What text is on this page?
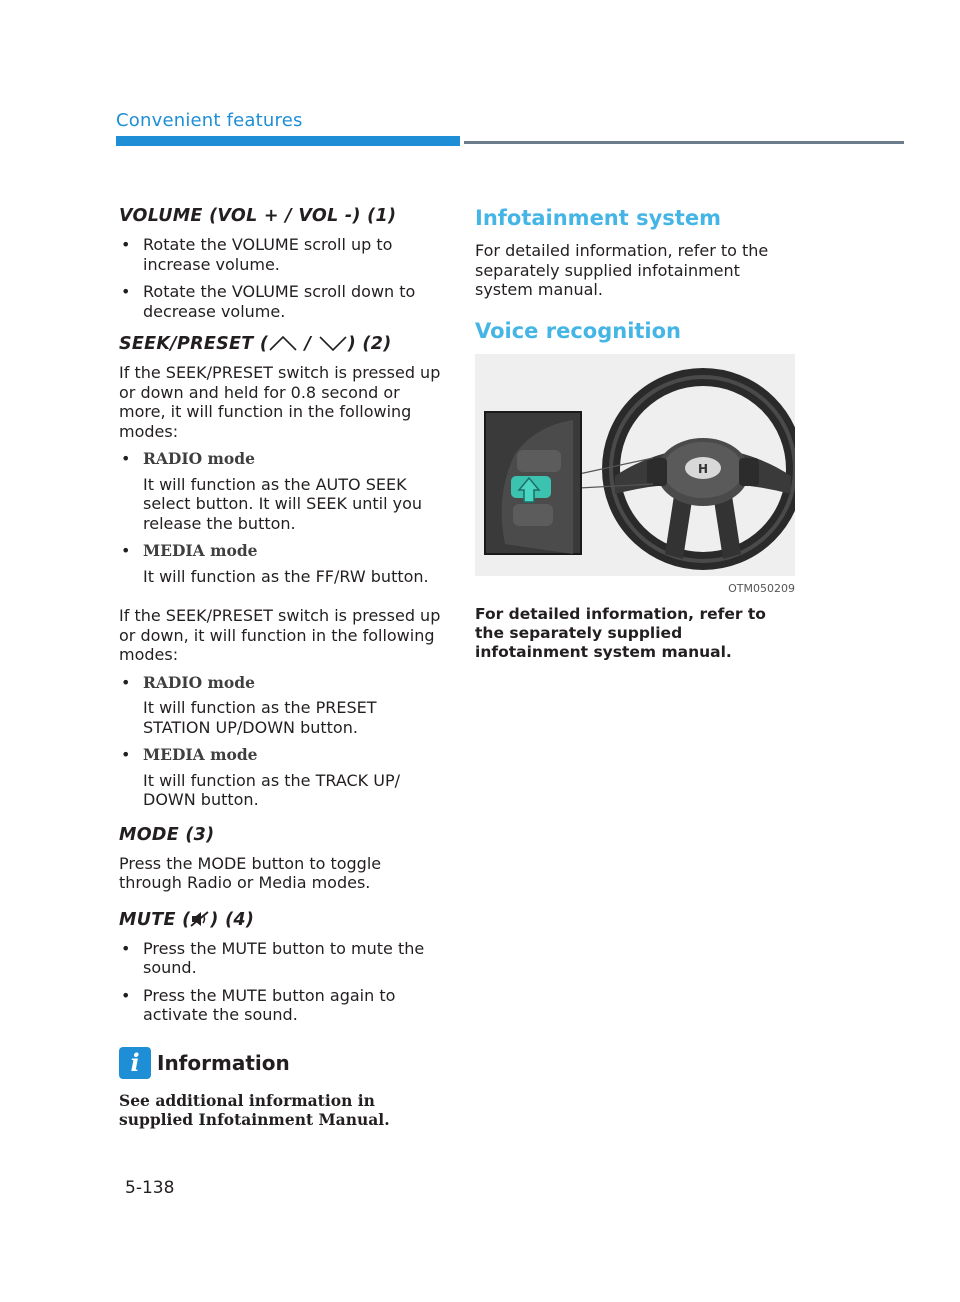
Convenient features
VOLUME (VOL + / VOL -) (1)
• Rotate the VOLUME scroll up to increase volume.
• Rotate the VOLUME scroll down to decrease volume.
SEEK/PRESET ( / ) (2)

If the SEEK/PRESET switch is pressed up or down and held for 0.8 second or more, it will function in the following modes:

• RADIO mode
It will function as the AUTO SEEK select button. It will SEEK until you release the button.
• MEDIA mode
It will function as the FF/RW button.

If the SEEK/PRESET switch is pressed up or down, it will function in the following modes:

• RADIO mode
It will function as the PRESET STATION UP/DOWN button.
• MEDIA mode
It will function as the TRACK UP/ DOWN button.
MODE (3)

Press the MODE button to toggle through Radio or Media modes.

MUTE ( ) (4)
• Press the MUTE button to mute the sound.
• Press the MUTE button again to activate the sound.
i Information

See additional information in supplied Infotainment Manual.

Infotainment system

For detailed information, refer to the separately supplied infotainment system manual.

Voice recognition
H
OTM050209

For detailed information, refer to the separately supplied infotainment system manual.

5-138
